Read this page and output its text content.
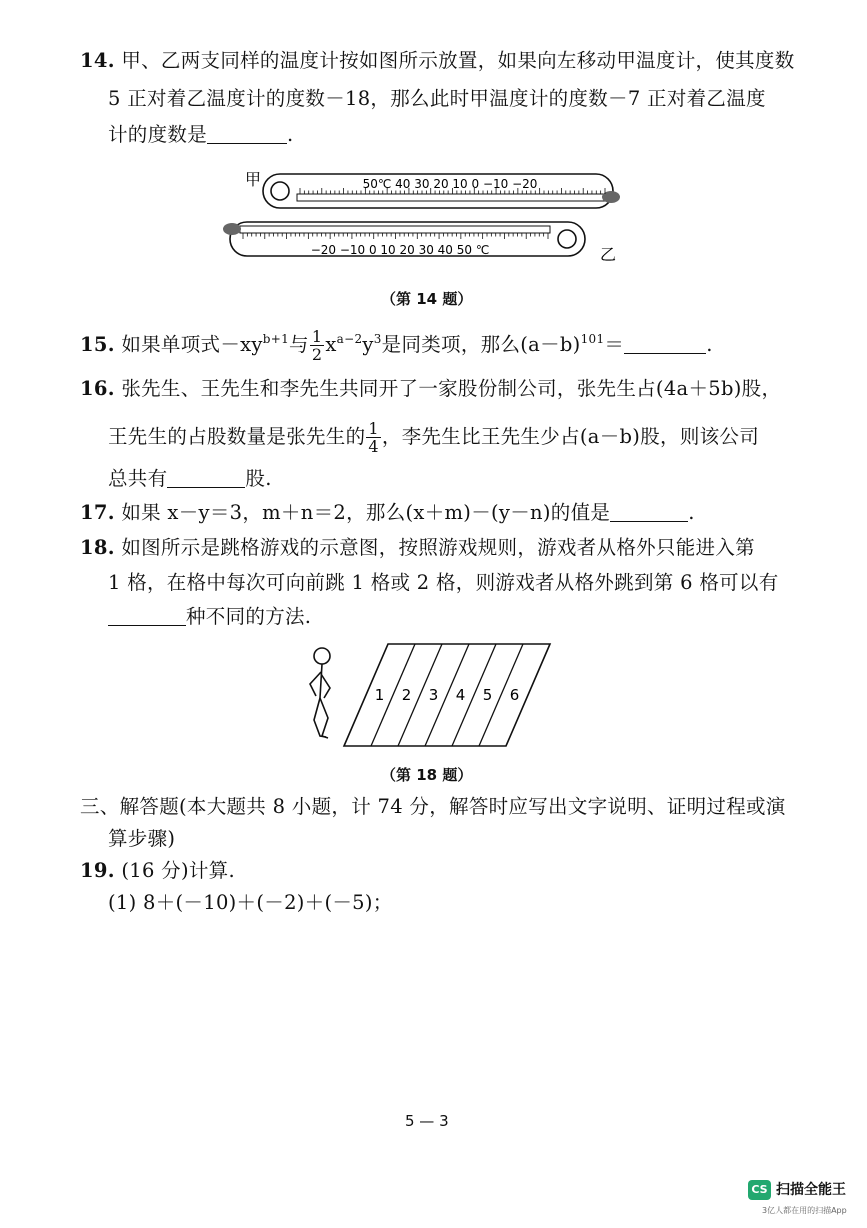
14. 甲、乙两支同样的温度计按如图所示放置，如果向左移动甲温度计，使其度数
5 正对着乙温度计的度数－18，那么此时甲温度计的度数－7 正对着乙温度
计的度数是	.
甲	50℃ 40 30 20 10 0 −10 −20
乙
−20 −10 0 10 20 30 40 50 ℃
（第 14 题）
15. 如果单项式$-xy^{b+1}$与 $\frac{1}{2} x^{a-2}y^3$是同类项，那么$(a-b)^{101}=$	.
16. 张先生、王先生和李先生共同开了一家股份制公司，张先生占(4a＋5b)股，
王先生的占股数量是张先生的 $\frac{1}{4}$ ，李先生比王先生少占(a－b)股，则该公司
总共有	股.
17. 如果 x－y＝3，m＋n＝2，那么(x＋m)－(y－n)的值是	.
18. 如图所示是跳格游戏的示意图，按照游戏规则，游戏者从格外只能进入第
1 格，在格中每次可向前跳 1 格或 2 格，则游戏者从格外跳到第 6 格可以有
种不同的方法.
1 2 3 4 5 6
（第 18 题）
三、解答题(本大题共 8 小题，计 74 分，解答时应写出文字说明、证明过程或演
算步骤)
19. (16 分)计算.
(1) 8＋(－10)＋(－2)＋(－5)；
5 — 3
CS 扫描全能王
3亿人都在用的扫描App
